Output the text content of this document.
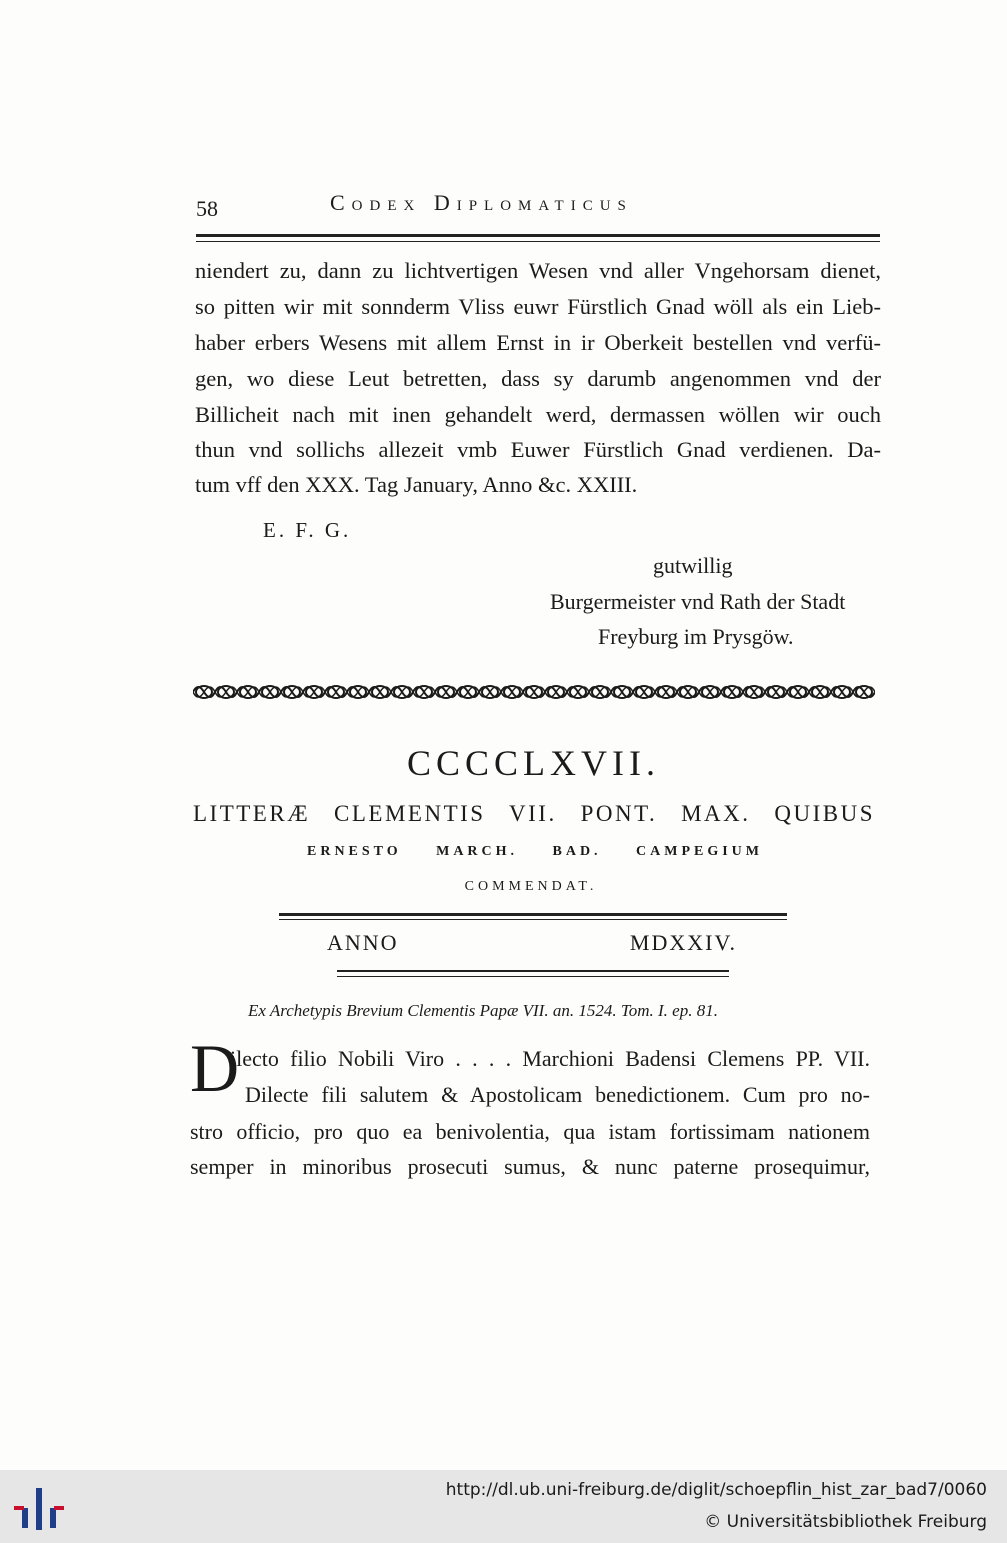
58	Codex Diplomaticus
niendert zu, dann zu lichtvertigen Wesen vnd aller Vngehorsam dienet,
so pitten wir mit sonnderm Vliss euwr Fürstlich Gnad wöll als ein Lieb-
haber erbers Wesens mit allem Ernst in ir Oberkeit bestellen vnd verfü-
gen, wo diese Leut betretten, dass sy darumb angenommen vnd der
Billicheit nach mit inen gehandelt werd, dermassen wöllen wir ouch
thun vnd sollichs allezeit vmb Euwer Fürstlich Gnad verdienen. Da-
tum vff den XXX. Tag January, Anno &c. XXIII.
E. F. G.
gutwillig
Burgermeister vnd Rath der Stadt
Freyburg im Prysgöw.
CCCCLXVII.
LITTERÆ CLEMENTIS VII. PONT. MAX. QUIBUS
ERNESTO MARCH. BAD. CAMPEGIUM
COMMENDAT.
ANNO MDXXIV.
Ex Archetypis Brevium Clementis Papæ VII. an. 1524. Tom. I. ep. 81.
D
ilecto filio Nobili Viro . . . . Marchioni Badensi Clemens PP. VII.
Dilecte fili salutem & Apostolicam benedictionem. Cum pro no-
stro officio, pro quo ea benivolentia, qua istam fortissimam nationem
semper in minoribus prosecuti sumus, & nunc paterne prosequimur,
http://dl.ub.uni-freiburg.de/diglit/schoepflin_hist_zar_bad7/0060
© Universitätsbibliothek Freiburg
